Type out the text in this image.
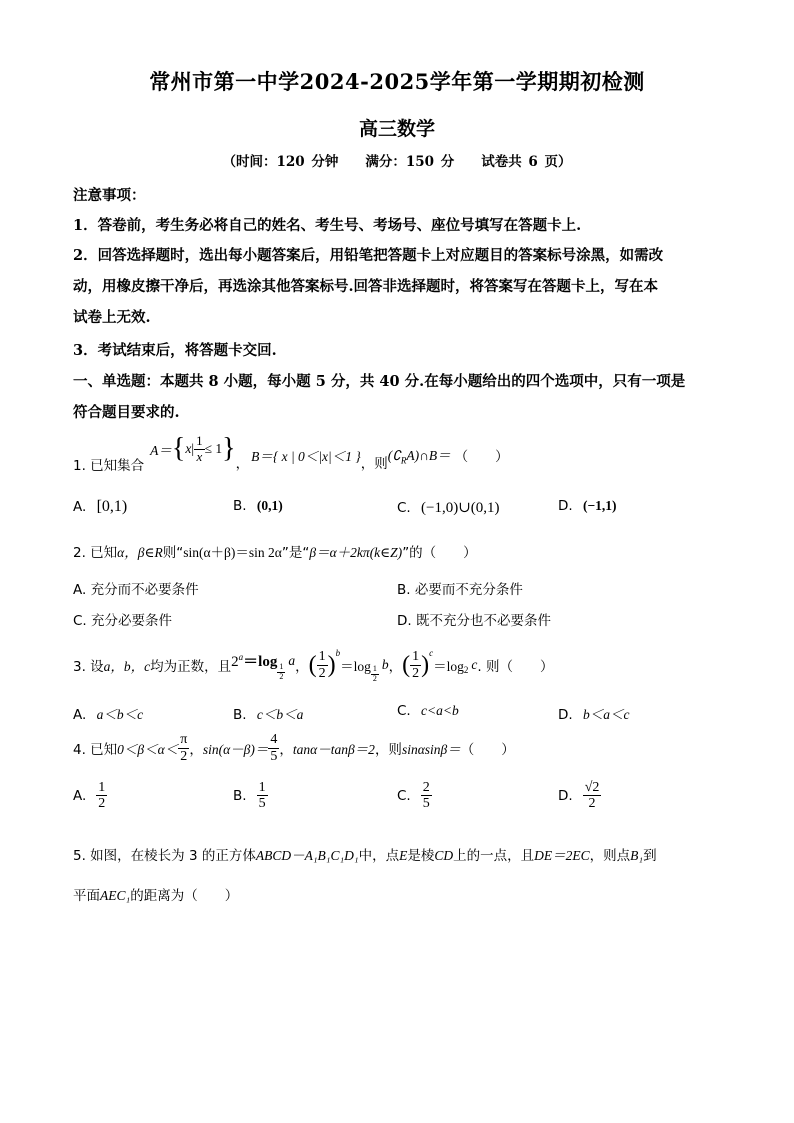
常州市第一中学2024-2025学年第一学期期初检测
高三数学
（时间：120 分钟　　满分：150 分　　试卷共 6 页）
注意事项：
1．答卷前，考生务必将自己的姓名、考生号、考场号、座位号填写在答题卡上.
2．回答选择题时，选出每小题答案后，用铅笔把答题卡上对应题目的答案标号涂黑，如需改
动，用橡皮擦干净后，再选涂其他答案标号.回答非选择题时，将答案写在答题卡上，写在本
试卷上无效.
3．考试结束后，将答题卡交回.
一、单选题：本题共 8 小题，每小题 5 分，共 40 分.在每小题给出的四个选项中，只有一项是
符合题目要求的.
1. 已知集合
A＝ { x | $\frac{1}{x} \le 1$ } ， B＝{ x | 0＜|x|＜1 } ，则
$(∁_RA)\cap B=$ （　　）
A. [0,1)	B. (0,1)	C. (−1,0)∪(0,1)	D. (−1,1)
2. 已知α，β∈R则“sin(α＋β)＝sin 2α”是“β＝α＋2kπ(k∈Z)”的（　　）
A. 充分而不必要条件	B. 必要而不充分条件
C. 充分必要条件	D. 既不充分也不必要条件
3. 设 a，b，c 均为正数，且 $2^a=\log$
$\frac{1}{2}$
a ， ( $\frac{1}{2} )^b$
$=\log \frac{1}{2}$
b ， ( $\frac{1}{2} )^c$
$=\log_2$ c . 则（　　）
A. a＜b＜c	B. c＜b＜a	C. c<a<b	D. b＜a＜c
4. 已知 $0<\beta<\alpha< \frac{\pi}{2}$ ， $\sin(\alpha-\beta)= \frac{4}{5}$ ， tanα－tanβ＝2 ，则 sinαsinβ＝ （　　）
A. $\frac{1}{2}$	B. $\frac{1}{5}$	C. $\frac{2}{5}$	D. $\frac{√2}{2}$
5. 如图，在棱长为 3 的正方体ABCD－A₁B₁C₁D₁中，点E是棱CD上的一点，且DE＝2EC，则点B₁到
平面AEC₁的距离为（　　）
